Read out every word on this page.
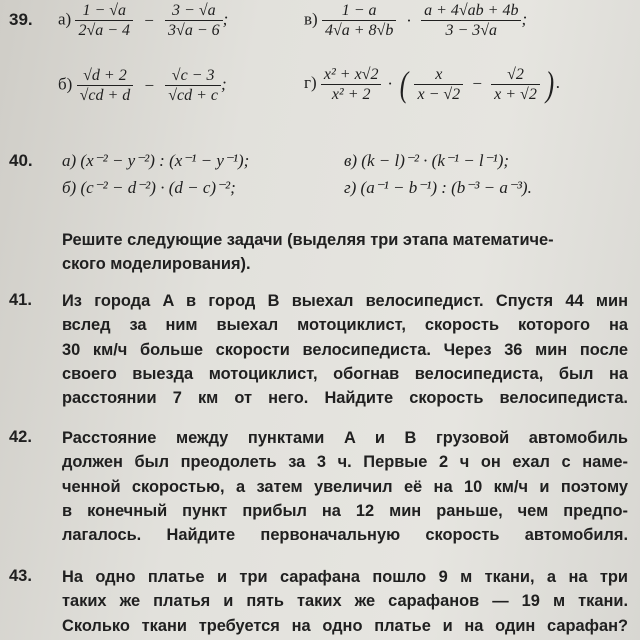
39. $а) \frac{1 - √a}{2√a - 4} - \frac{3 - √a}{3√a - 6}$ ;	$в) \frac{1 - a}{4√a + 8√b} \cdot \frac{a + 4√ab + 4b}{3 - 3√a}$ ;
$б) \frac{√d + 2}{√cd + d} - \frac{√c - 3}{√cd + c}$ ;	$г) \frac{\text{x² + x√2}}{\text{x² + 2}}$ · ( $\frac{x}{x - √2} - \frac{√2}{x + √2}$ ) .
40. а) (x⁻² − y⁻²) : (x⁻¹ − y⁻¹);
б) (c⁻² − d⁻²) · (d − c)⁻²;
в) (k − l)⁻² · (k⁻¹ − l⁻¹);
г) (a⁻¹ − b⁻¹) : (b⁻³ − a⁻³).
Решите следующие задачи (выделяя три этапа математиче-
ского моделирования).
41. Из города A в город B выехал велосипедист. Спустя 44 мин
вслед за ним выехал мотоциклист, скорость которого на
30 км/ч больше скорости велосипедиста. Через 36 мин после
своего выезда мотоциклист, обогнав велосипедиста, был на
расстоянии 7 км от него. Найдите скорость велосипедиста.
42. Расстояние между пунктами A и B грузовой автомобиль
должен был преодолеть за 3 ч. Первые 2 ч он ехал с наме-
ченной скоростью, а затем увеличил её на 10 км/ч и поэтому
в конечный пункт прибыл на 12 мин раньше, чем предпо-
лагалось. Найдите первоначальную скорость автомобиля.
43. На одно платье и три сарафана пошло 9 м ткани, а на три
таких же платья и пять таких же сарафанов — 19 м ткани.
Сколько ткани требуется на одно платье и на один сарафан?
